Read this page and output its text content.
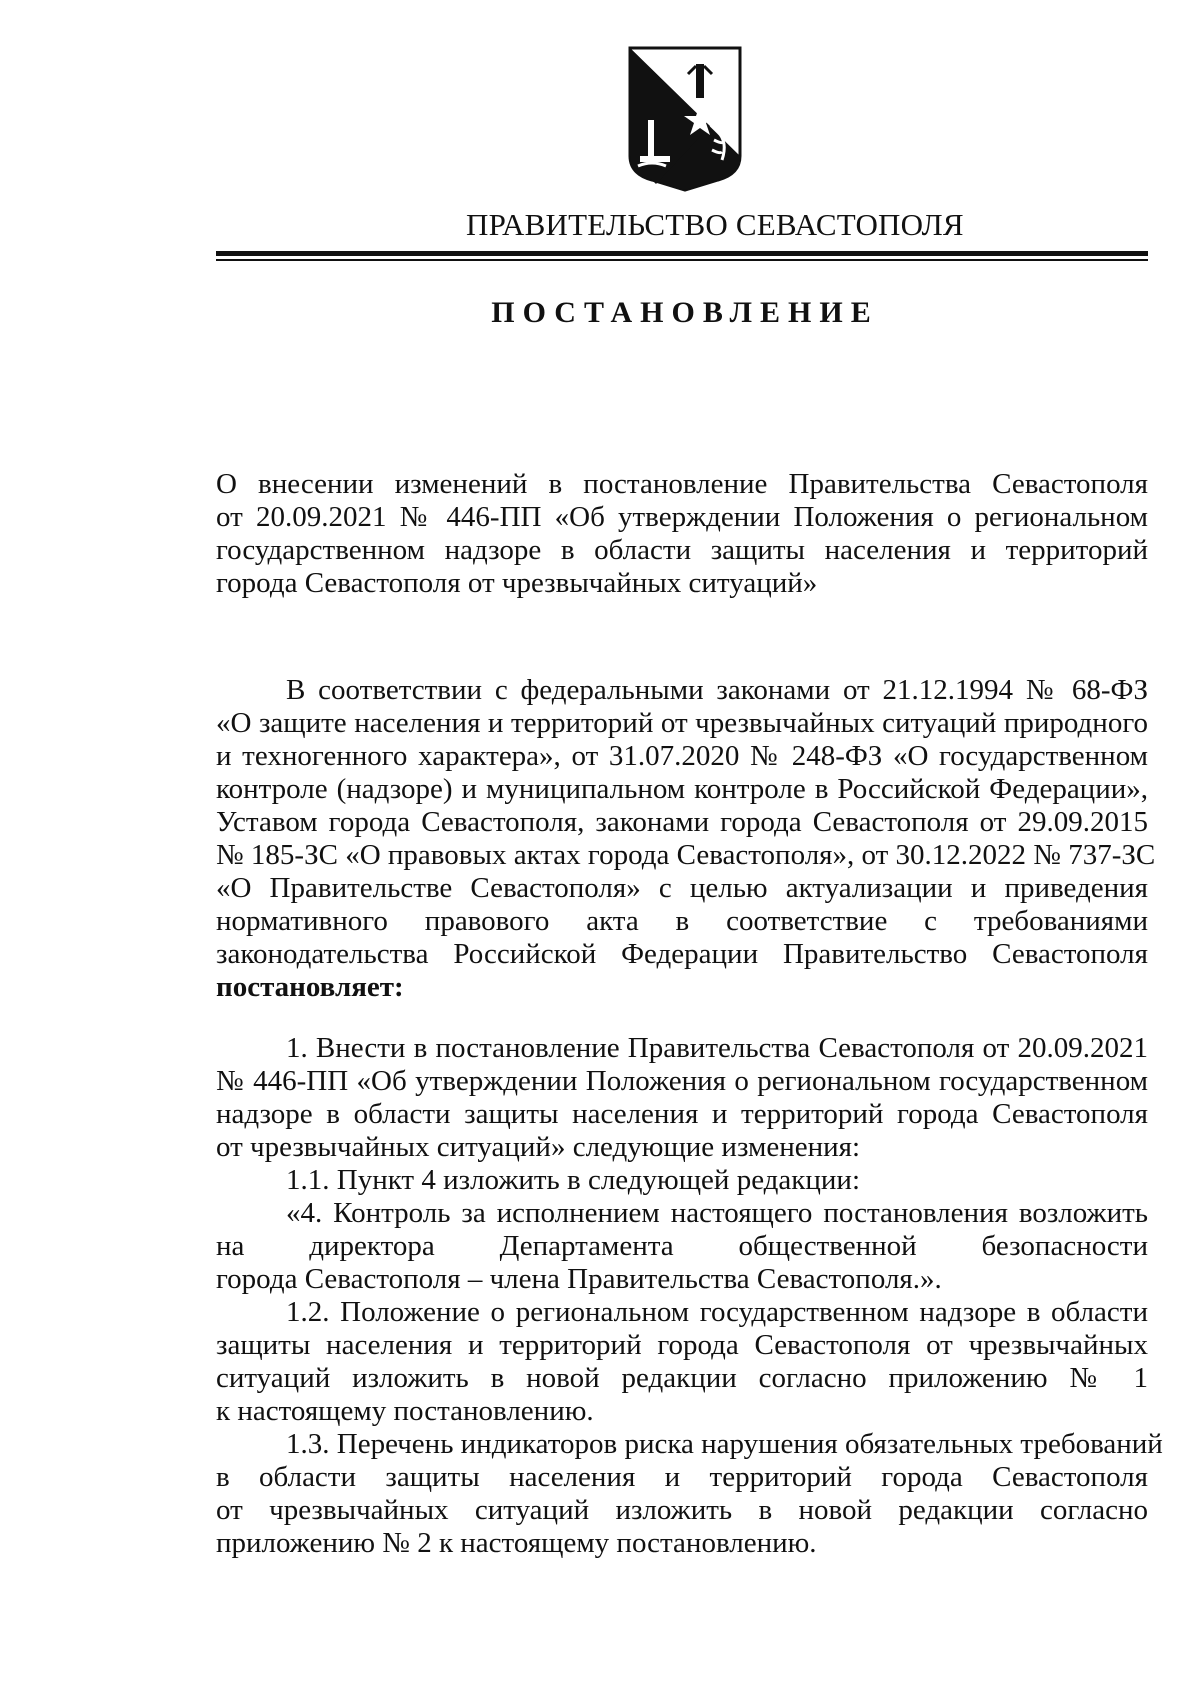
ПРАВИТЕЛЬСТВО СЕВАСТОПОЛЯ
ПОСТАНОВЛЕНИЕ
О внесении изменений в постановление Правительства Севастополя
от 20.09.2021 № 446-ПП «Об утверждении Положения о региональном
государственном надзоре в области защиты населения и территорий
города Севастополя от чрезвычайных ситуаций»
В соответствии с федеральными законами от 21.12.1994 № 68-ФЗ
«О защите населения и территорий от чрезвычайных ситуаций природного
и техногенного характера», от 31.07.2020 № 248-ФЗ «О государственном
контроле (надзоре) и муниципальном контроле в Российской Федерации»,
Уставом города Севастополя, законами города Севастополя от 29.09.2015
№ 185-ЗС «О правовых актах города Севастополя», от 30.12.2022 № 737-ЗС
«О Правительстве Севастополя» с целью актуализации и приведения
нормативного правового акта в соответствие с требованиями
законодательства Российской Федерации Правительство Севастополя
постановляет:
1. Внести в постановление Правительства Севастополя от 20.09.2021
№ 446-ПП «Об утверждении Положения о региональном государственном
надзоре в области защиты населения и территорий города Севастополя
от чрезвычайных ситуаций» следующие изменения:
1.1. Пункт 4 изложить в следующей редакции:
«4. Контроль за исполнением настоящего постановления возложить
на директора Департамента общественной безопасности
города Севастополя – члена Правительства Севастополя.».
1.2. Положение о региональном государственном надзоре в области
защиты населения и территорий города Севастополя от чрезвычайных
ситуаций изложить в новой редакции согласно приложению № 1
к настоящему постановлению.
1.3. Перечень индикаторов риска нарушения обязательных требований
в области защиты населения и территорий города Севастополя
от чрезвычайных ситуаций изложить в новой редакции согласно
приложению № 2 к настоящему постановлению.
